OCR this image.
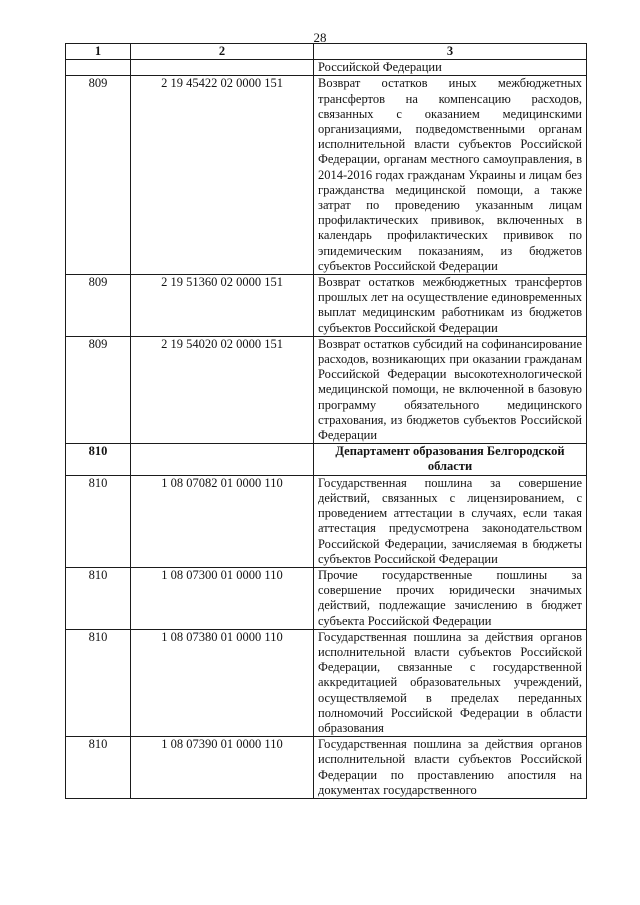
28
1	2	3
		Российской Федерации
809	2 19 45422 02 0000 151	Возврат остатков иных межбюджетных трансфертов на компенсацию расходов, связанных с оказанием медицинскими организациями, подведомственными органам исполнительной власти субъектов Российской Федерации, органам местного самоуправления, в 2014-2016 годах гражданам Украины и лицам без гражданства медицинской помощи, а также затрат по проведению указанным лицам профилактических прививок, включенных в календарь профилактических прививок по эпидемическим показаниям, из бюджетов субъектов Российской Федерации
809	2 19 51360 02 0000 151	Возврат остатков межбюджетных трансфертов прошлых лет на осуществление единовременных выплат медицинским работникам из бюджетов субъектов Российской Федерации
809	2 19 54020 02 0000 151	Возврат остатков субсидий на софинансирование расходов, возникающих при оказании гражданам Российской Федерации высокотехнологической медицинской помощи, не включенной в базовую программу обязательного медицинского страхования, из бюджетов субъектов Российской Федерации
810		Департамент образования Белгородской области
810	1 08 07082 01 0000 110	Государственная пошлина за совершение действий, связанных с лицензированием, с проведением аттестации в случаях, если такая аттестация предусмотрена законодательством Российской Федерации, зачисляемая в бюджеты субъектов Российской Федерации
810	1 08 07300 01 0000 110	Прочие государственные пошлины за совершение прочих юридически значимых действий, подлежащие зачислению в бюджет субъекта Российской Федерации
810	1 08 07380 01 0000 110	Государственная пошлина за действия органов исполнительной власти субъектов Российской Федерации, связанные с государственной аккредитацией образовательных учреждений, осуществляемой в пределах переданных полномочий Российской Федерации в области образования
810	1 08 07390 01 0000 110	Государственная пошлина за действия органов исполнительной власти субъектов Российской Федерации по проставлению апостиля на документах государственного
